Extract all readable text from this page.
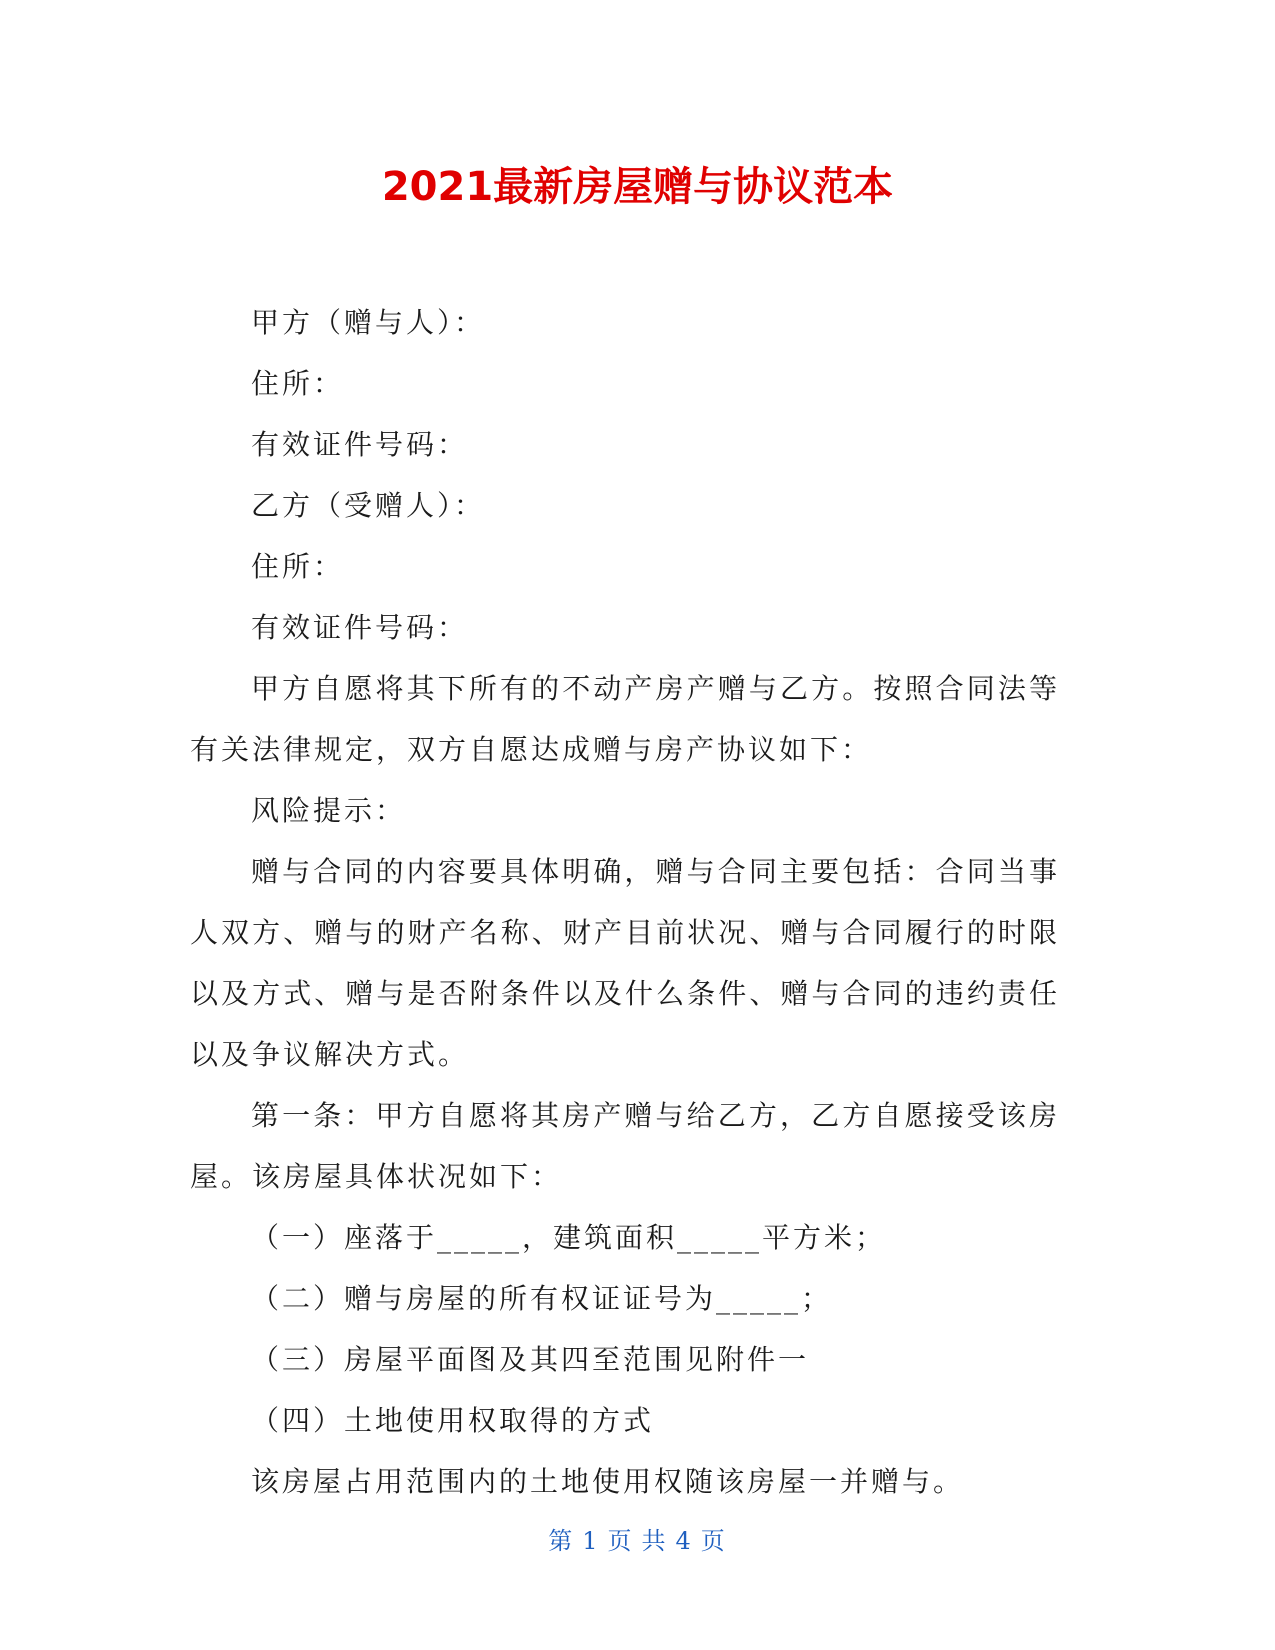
2021最新房屋赠与协议范本

甲方（赠与人）：

住所：

有效证件号码：

乙方（受赠人）：

住所：

有效证件号码：

甲方自愿将其下所有的不动产房产赠与乙方。按照合同法等有关法律规定，双方自愿达成赠与房产协议如下：

风险提示：

赠与合同的内容要具体明确，赠与合同主要包括：合同当事人双方、赠与的财产名称、财产目前状况、赠与合同履行的时限以及方式、赠与是否附条件以及什么条件、赠与合同的违约责任以及争议解决方式。

第一条：甲方自愿将其房产赠与给乙方，乙方自愿接受该房屋。该房屋具体状况如下：

（一）座落于_____，建筑面积_____平方米；

（二）赠与房屋的所有权证证号为_____；

（三）房屋平面图及其四至范围见附件一

（四）土地使用权取得的方式

该房屋占用范围内的土地使用权随该房屋一并赠与。

第 1 页 共 4 页
